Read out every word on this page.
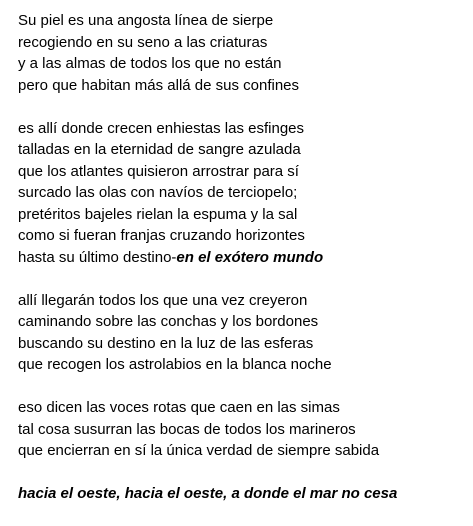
Su piel es una angosta línea de sierpe
recogiendo en su seno a las criaturas
y a las almas de todos los que no están
pero que habitan más allá de sus confines
es allí donde crecen enhiestas las esfinges
talladas en la eternidad de sangre azulada
que los atlantes quisieron arrostrar para sí
surcado las olas con navíos de terciopelo;
pretéritos bajeles rielan la espuma y la sal
como si fueran franjas cruzando horizontes
hasta su último destino-en el exótero mundo
allí llegarán todos los que una vez creyeron
caminando sobre las conchas y los bordones
buscando su destino en la luz de las esferas
que recogen los astrolabios en la blanca noche
eso dicen las voces rotas que caen en las simas
tal cosa susurran las bocas de todos los marineros
que encierran en sí la única verdad de siempre sabida
hacia el oeste, hacia el oeste, a donde el mar no cesa
